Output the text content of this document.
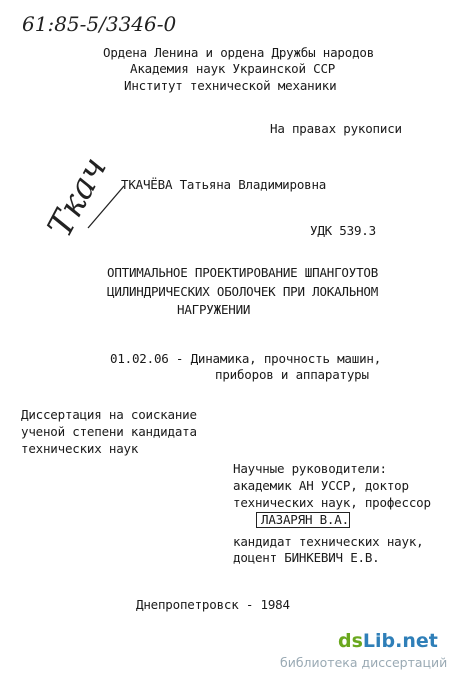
61:85-5/3346-0
Ордена Ленина и ордена Дружбы народов
Академия наук Украинской ССР
Институт технической механики
На правах рукописи
ТКАЧЁВА Татьяна Владимировна
Ткач	УДК 539.3
ОПТИМАЛЬНОЕ ПРОЕКТИРОВАНИЕ ШПАНГОУТОВ
ЦИЛИНДРИЧЕСКИХ ОБОЛОЧЕК ПРИ ЛОКАЛЬНОМ
НАГРУЖЕНИИ
01.02.06 - Динамика, прочность машин,
приборов и аппаратуры
Диссертация на соискание
ученой степени кандидата
технических наук
Научные руководители:
академик АН УССР, доктор
технических наук, профессор
ЛАЗАРЯН В.А.
кандидат технических наук,
доцент БИНКЕВИЧ Е.В.
Днепропетровск - 1984
dsLib.net
библиотека диссертаций
